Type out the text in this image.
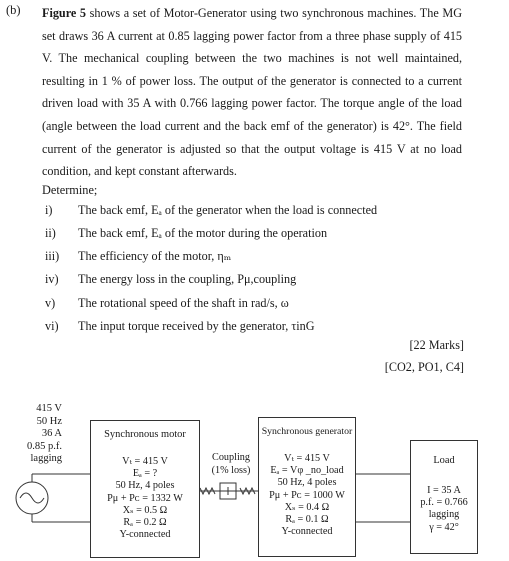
(b) Figure 5 shows a set of Motor-Generator using two synchronous machines. The MG set draws 36 A current at 0.85 lagging power factor from a three phase supply of 415 V. The mechanical coupling between the two machines is not well maintained, resulting in 1 % of power loss. The output of the generator is connected to a current driven load with 35 A with 0.766 lagging power factor. The torque angle of the load (angle between the load current and the back emf of the generator) is 42°. The field current of the generator is adjusted so that the output voltage is 415 V at no load condition, and kept constant afterwards.

Determine;
i) The back emf, Eₐ of the generator when the load is connected
ii) The back emf, Eₐ of the motor during the operation
iii) The efficiency of the motor, ηₘ
iv) The energy loss in the coupling, Pμ,coupling
v) The rotational speed of the shaft in rad/s, ω
vi) The input torque received by the generator, τinG
[22 Marks]
[CO2, PO1, C4]
415 V
50 Hz
36 A
0.85 p.f.
lagging
Synchronous motor
Vₜ = 415 V
Eₐ = ?
50 Hz, 4 poles
Pμ + Pᴄ = 1332 W
Xₛ = 0.5 Ω
Rₐ = 0.2 Ω
Y-connected
Coupling
(1% loss)
Synchronous generator
Vₜ = 415 V
Eₐ = Vφ _no_load
50 Hz, 4 poles
Pμ + Pᴄ = 1000 W
Xₛ = 0.4 Ω
Rₐ = 0.1 Ω
Y-connected
Load
I = 35 A
p.f. = 0.766
lagging
γ = 42°
